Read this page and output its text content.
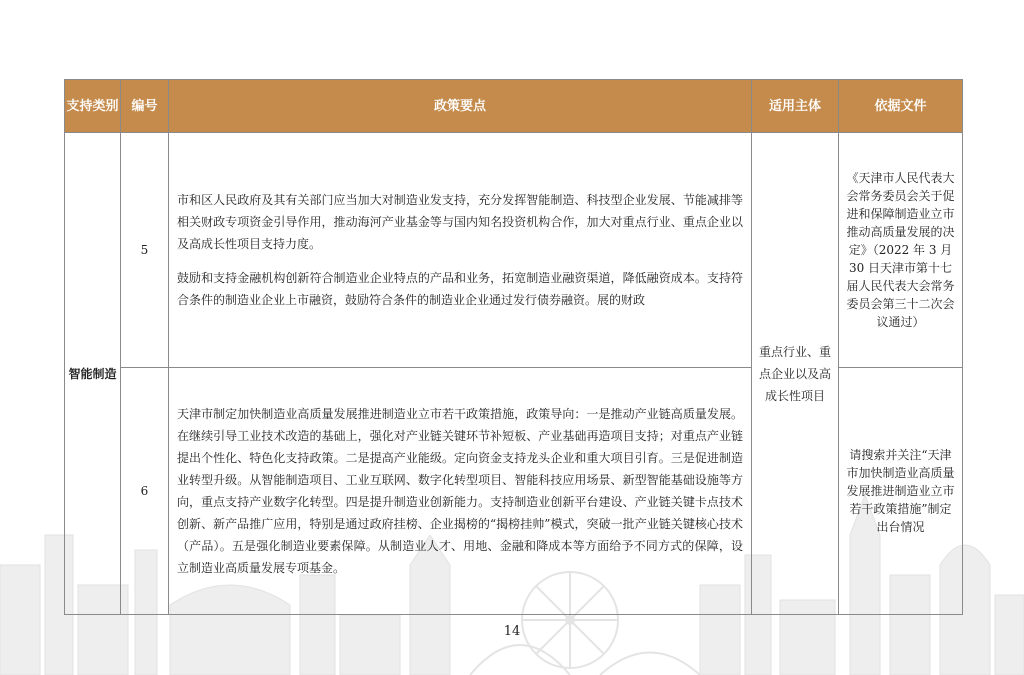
支持类别	编号	政策要点	适用主体	依据文件
智能制造	5	市和区人民政府及其有关部门应当加大对制造业发支持，充分发挥智能制造、科技型企业发展、节能减排等相关财政专项资金引导作用，推动海河产业基金等与国内知名投资机构合作，加大对重点行业、重点企业以及高成长性项目支持力度。

鼓励和支持金融机构创新符合制造业企业特点的产品和业务，拓宽制造业融资渠道，降低融资成本。支持符合条件的制造业企业上市融资，鼓励符合条件的制造业企业通过发行债券融资。展的财政	重点行业、重点企业以及高成长性项目	《天津市人民代表大会常务委员会关于促进和保障制造业立市推动高质量发展的决定》（2022 年 3 月 30 日天津市第十七届人民代表大会常务委员会第三十二次会议通过）
	6	天津市制定加快制造业高质量发展推进制造业立市若干政策措施，政策导向：一是推动产业链高质量发展。在继续引导工业技术改造的基础上，强化对产业链关键环节补短板、产业基础再造项目支持；对重点产业链提出个性化、特色化支持政策。二是提高产业能级。定向资金支持龙头企业和重大项目引育。三是促进制造业转型升级。从智能制造项目、工业互联网、数字化转型项目、智能科技应用场景、新型智能基础设施等方向，重点支持产业数字化转型。四是提升制造业创新能力。支持制造业创新平台建设、产业链关键卡点技术创新、新产品推广应用，特别是通过政府挂榜、企业揭榜的“揭榜挂帅”模式，突破一批产业链关键核心技术（产品）。五是强化制造业要素保障。从制造业人才、用地、金融和降成本等方面给予不同方式的保障，设立制造业高质量发展专项基金。		请搜索并关注“天津市加快制造业高质量发展推进制造业立市若干政策措施”制定出台情况
14
